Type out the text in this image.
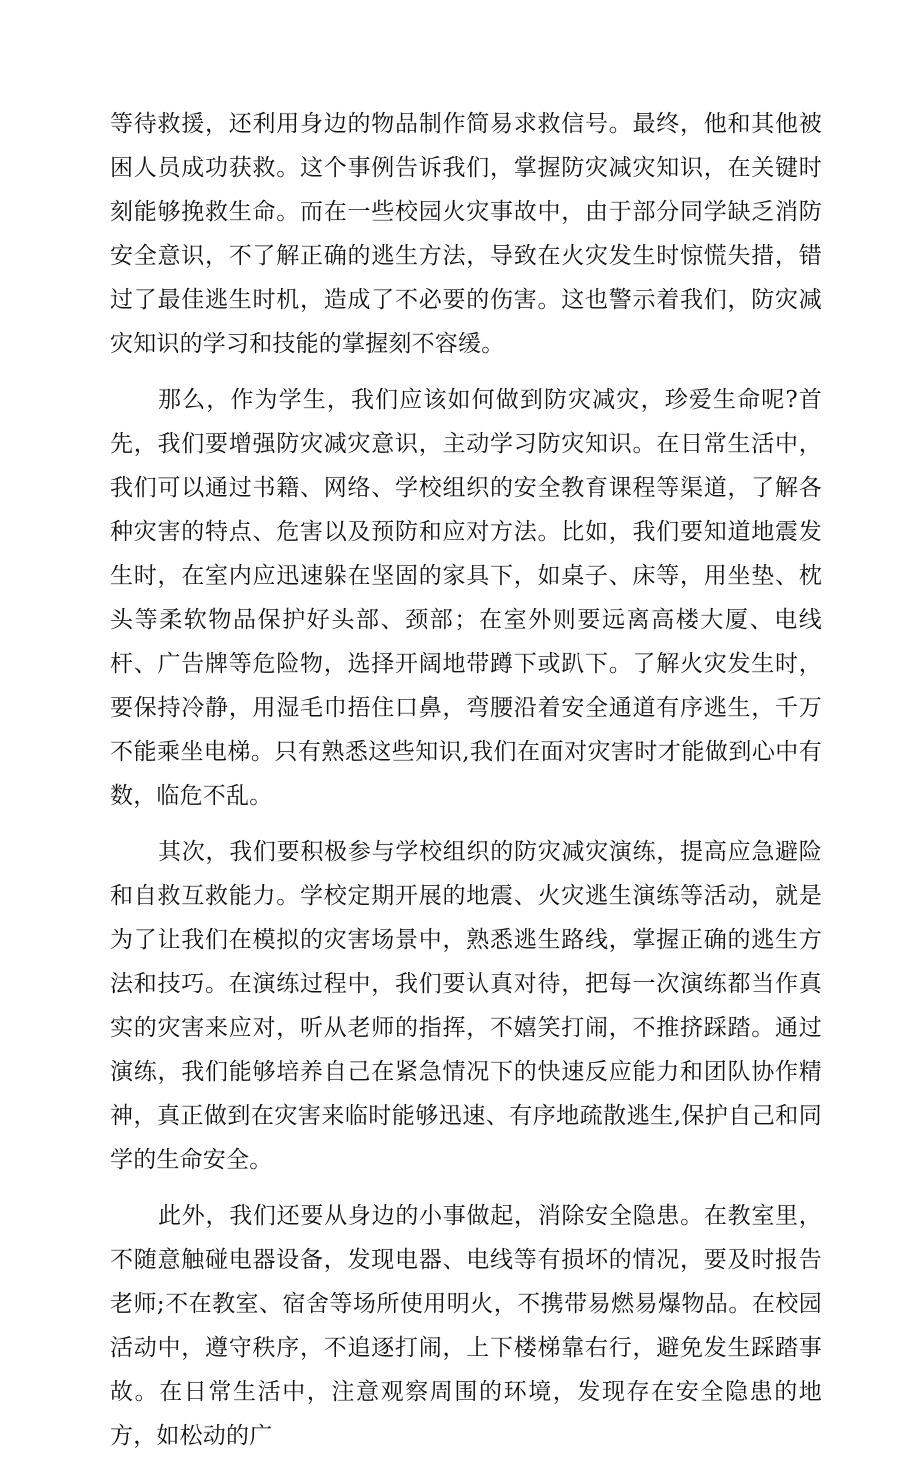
等待救援，还利用身边的物品制作简易求救信号。最终，他和其他被困人员成功获救。这个事例告诉我们，掌握防灾减灾知识，在关键时刻能够挽救生命。而在一些校园火灾事故中，由于部分同学缺乏消防安全意识，不了解正确的逃生方法，导致在火灾发生时惊慌失措，错过了最佳逃生时机，造成了不必要的伤害。这也警示着我们，防灾减灾知识的学习和技能的掌握刻不容缓。

那么，作为学生，我们应该如何做到防灾减灾，珍爱生命呢?首先，我们要增强防灾减灾意识，主动学习防灾知识。在日常生活中，我们可以通过书籍、网络、学校组织的安全教育课程等渠道，了解各种灾害的特点、危害以及预防和应对方法。比如，我们要知道地震发生时，在室内应迅速躲在坚固的家具下，如桌子、床等，用坐垫、枕头等柔软物品保护好头部、颈部；在室外则要远离高楼大厦、电线杆、广告牌等危险物，选择开阔地带蹲下或趴下。了解火灾发生时，要保持冷静，用湿毛巾捂住口鼻，弯腰沿着安全通道有序逃生，千万不能乘坐电梯。只有熟悉这些知识,我们在面对灾害时才能做到心中有数，临危不乱。

其次，我们要积极参与学校组织的防灾减灾演练，提高应急避险和自救互救能力。学校定期开展的地震、火灾逃生演练等活动，就是为了让我们在模拟的灾害场景中，熟悉逃生路线，掌握正确的逃生方法和技巧。在演练过程中，我们要认真对待，把每一次演练都当作真实的灾害来应对，听从老师的指挥，不嬉笑打闹，不推挤踩踏。通过演练，我们能够培养自己在紧急情况下的快速反应能力和团队协作精神，真正做到在灾害来临时能够迅速、有序地疏散逃生,保护自己和同学的生命安全。

此外，我们还要从身边的小事做起，消除安全隐患。在教室里，不随意触碰电器设备，发现电器、电线等有损坏的情况，要及时报告老师;不在教室、宿舍等场所使用明火，不携带易燃易爆物品。在校园活动中，遵守秩序，不追逐打闹，上下楼梯靠右行，避免发生踩踏事故。在日常生活中，注意观察周围的环境，发现存在安全隐患的地方，如松动的广
